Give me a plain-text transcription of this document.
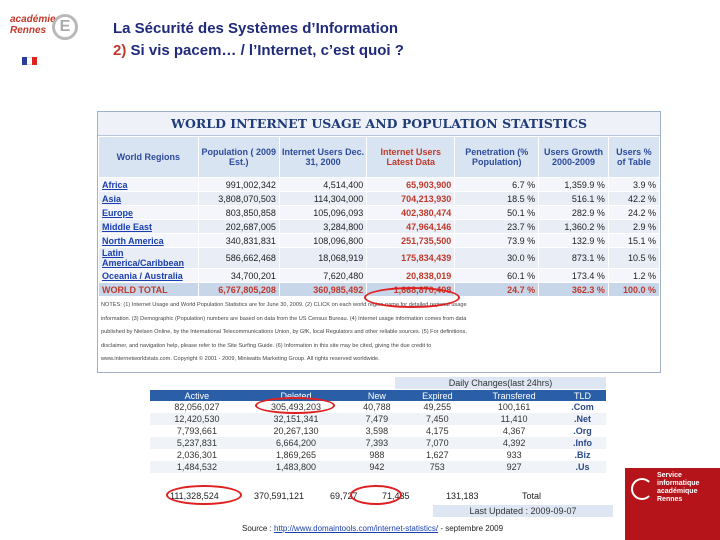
académie
Rennes E	La Sécurité des Systèmes d’Information
2) Si vis pacem… / l’Internet, c’est quoi ?
WORLD INTERNET USAGE AND POPULATION STATISTICS
World Regions	Population ( 2009 Est.)	Internet Users Dec. 31, 2000	Internet Users Latest Data	Penetration (% Population)	Users Growth 2000-2009	Users % of Table
Africa	991,002,342	4,514,400	65,903,900	6.7 %	1,359.9 %	3.9 %
Asia	3,808,070,503	114,304,000	704,213,930	18.5 %	516.1 %	42.2 %
Europe	803,850,858	105,096,093	402,380,474	50.1 %	282.9 %	24.2 %
Middle East	202,687,005	3,284,800	47,964,146	23.7 %	1,360.2 %	2.9 %
North America	340,831,831	108,096,800	251,735,500	73.9 %	132.9 %	15.1 %
Latin America/Caribbean	586,662,468	18,068,919	175,834,439	30.0 %	873.1 %	10.5 %
Oceania / Australia	34,700,201	7,620,480	20,838,019	60.1 %	173.4 %	1.2 %
WORLD TOTAL	6,767,805,208	360,985,492	1,668,870,408	24.7 %	362.3 %	100.0 %
NOTES: (1) Internet Usage and World Population Statistics are for June 30, 2009. (2) CLICK on each world region name for detailed regional usage
information. (3) Demographic (Population) numbers are based on data from the US Census Bureau. (4) Internet usage information comes from data
published by Nielsen Online, by the International Telecommunications Union, by GfK, local Regulators and other reliable sources. (5) For definitions,
disclaimer, and navigation help, please refer to the Site Surfing Guide. (6) Information in this site may be cited, giving the due credit to
www.internetworldstats.com. Copyright © 2001 - 2009, Miniwatts Marketing Group. All rights reserved worldwide.
Daily Changes(last 24hrs)
Active	Deleted	New	Expired	Transfered	TLD
82,056,027	305,493,203	40,788	49,255	100,161	.Com
12,420,530	32,151,341	7,479	7,450	11,410	.Net
7,793,661	20,267,130	3,598	4,175	4,367	.Org
5,237,831	6,664,200	7,393	7,070	4,392	.Info
2,036,301	1,869,265	988	1,627	933	.Biz
1,484,532	1,483,800	942	753	927	.Us
111,328,524	370,591,121	69,727	71,435	131,183	Total
Last Updated : 2009-09-07
Source : http://www.domaintools.com/internet-statistics/ - septembre 2009
Service
informatique
académique
Rennes
